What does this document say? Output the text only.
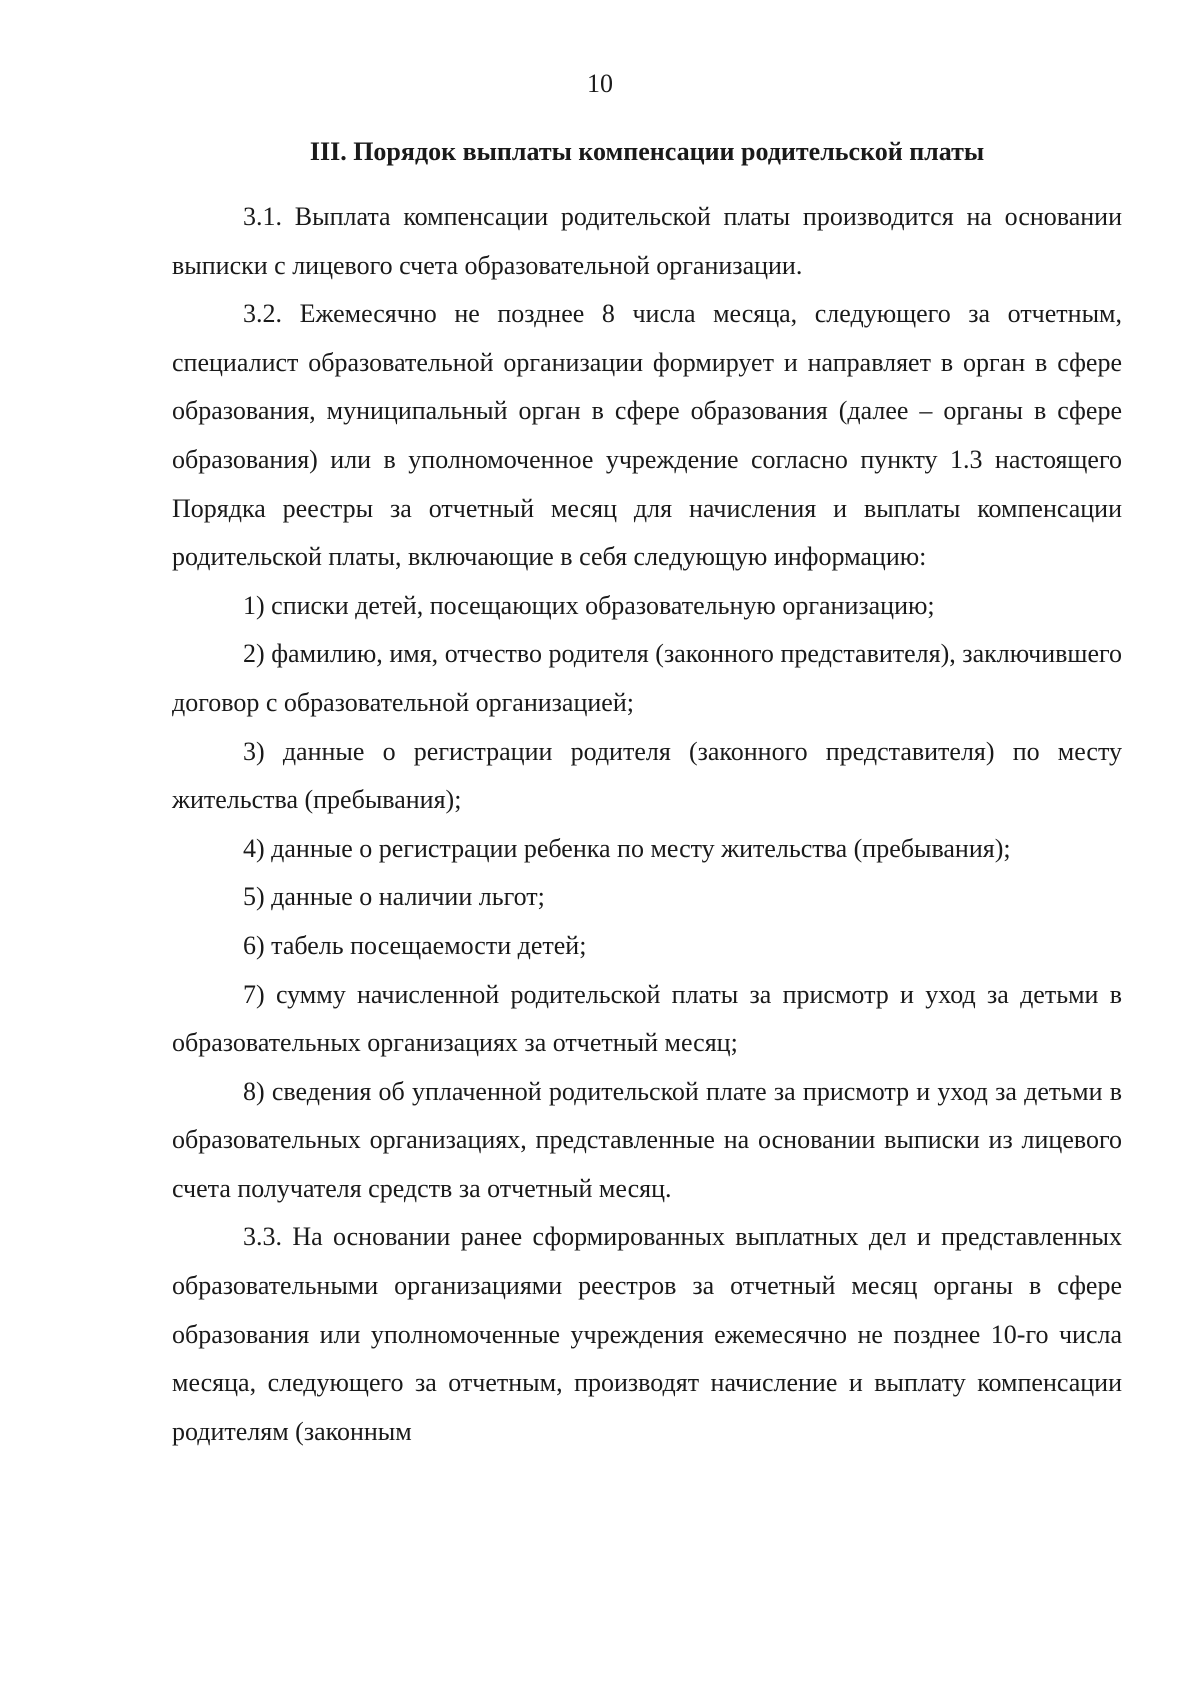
10
III. Порядок выплаты компенсации родительской платы

3.1. Выплата компенсации родительской платы производится на основании выписки с лицевого счета образовательной организации.

3.2. Ежемесячно не позднее 8 числа месяца, следующего за отчетным, специалист образовательной организации формирует и направляет в орган в сфере образования, муниципальный орган в сфере образования (далее – органы в сфере образования) или в уполномоченное учреждение согласно пункту 1.3 настоящего Порядка реестры за отчетный месяц для начисления и выплаты компенсации родительской платы, включающие в себя следующую информацию:

1) списки детей, посещающих образовательную организацию;

2) фамилию, имя, отчество родителя (законного представителя), заключившего договор с образовательной организацией;

3) данные о регистрации родителя (законного представителя) по месту жительства (пребывания);

4) данные о регистрации ребенка по месту жительства (пребывания);

5) данные о наличии льгот;

6) табель посещаемости детей;

7) сумму начисленной родительской платы за присмотр и уход за детьми в образовательных организациях за отчетный месяц;

8) сведения об уплаченной родительской плате за присмотр и уход за детьми в образовательных организациях, представленные на основании выписки из лицевого счета получателя средств за отчетный месяц.

3.3. На основании ранее сформированных выплатных дел и представленных образовательными организациями реестров за отчетный месяц органы в сфере образования или уполномоченные учреждения ежемесячно не позднее 10-го числа месяца, следующего за отчетным, производят начисление и выплату компенсации родителям (законным
